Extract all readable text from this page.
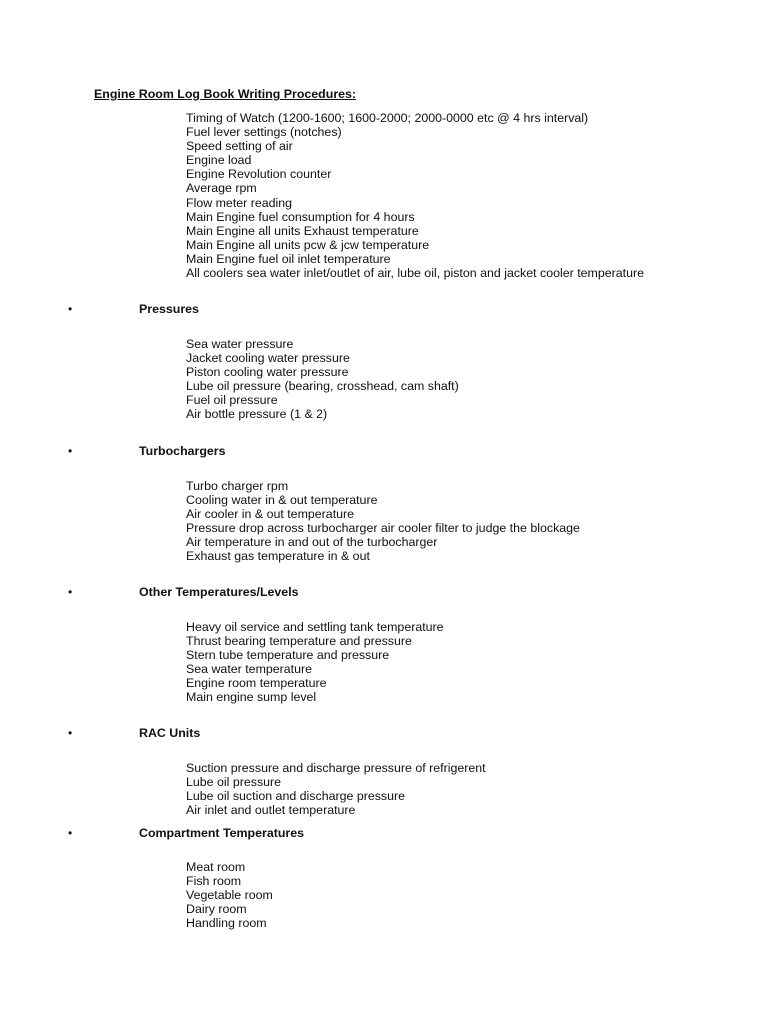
Engine Room Log Book Writing Procedures:
Timing of Watch (1200-1600; 1600-2000; 2000-0000 etc @ 4 hrs interval)
Fuel lever settings (notches)
Speed setting of air
Engine load
Engine Revolution counter
Average rpm
Flow meter reading
Main Engine fuel consumption for 4 hours
Main Engine all units Exhaust temperature
Main Engine all units pcw & jcw temperature
Main Engine fuel oil inlet temperature
All coolers sea water inlet/outlet of air, lube oil, piston and jacket cooler temperature
•	Pressures
Sea water pressure
Jacket cooling water pressure
Piston cooling water pressure
Lube oil pressure (bearing, crosshead, cam shaft)
Fuel oil pressure
Air bottle pressure (1 & 2)
•	Turbochargers
Turbo charger rpm
Cooling water in & out temperature
Air cooler in & out temperature
Pressure drop across turbocharger air cooler filter to judge the blockage
Air temperature in and out of the turbocharger
Exhaust gas temperature in & out
•	Other Temperatures/Levels
Heavy oil service and settling tank temperature
Thrust bearing temperature and pressure
Stern tube temperature and pressure
Sea water temperature
Engine room temperature
Main engine sump level
•	RAC Units
Suction pressure and discharge pressure of refrigerent
Lube oil pressure
Lube oil suction and discharge pressure
Air inlet and outlet temperature
•	Compartment Temperatures
Meat room
Fish room
Vegetable room
Dairy room
Handling room
